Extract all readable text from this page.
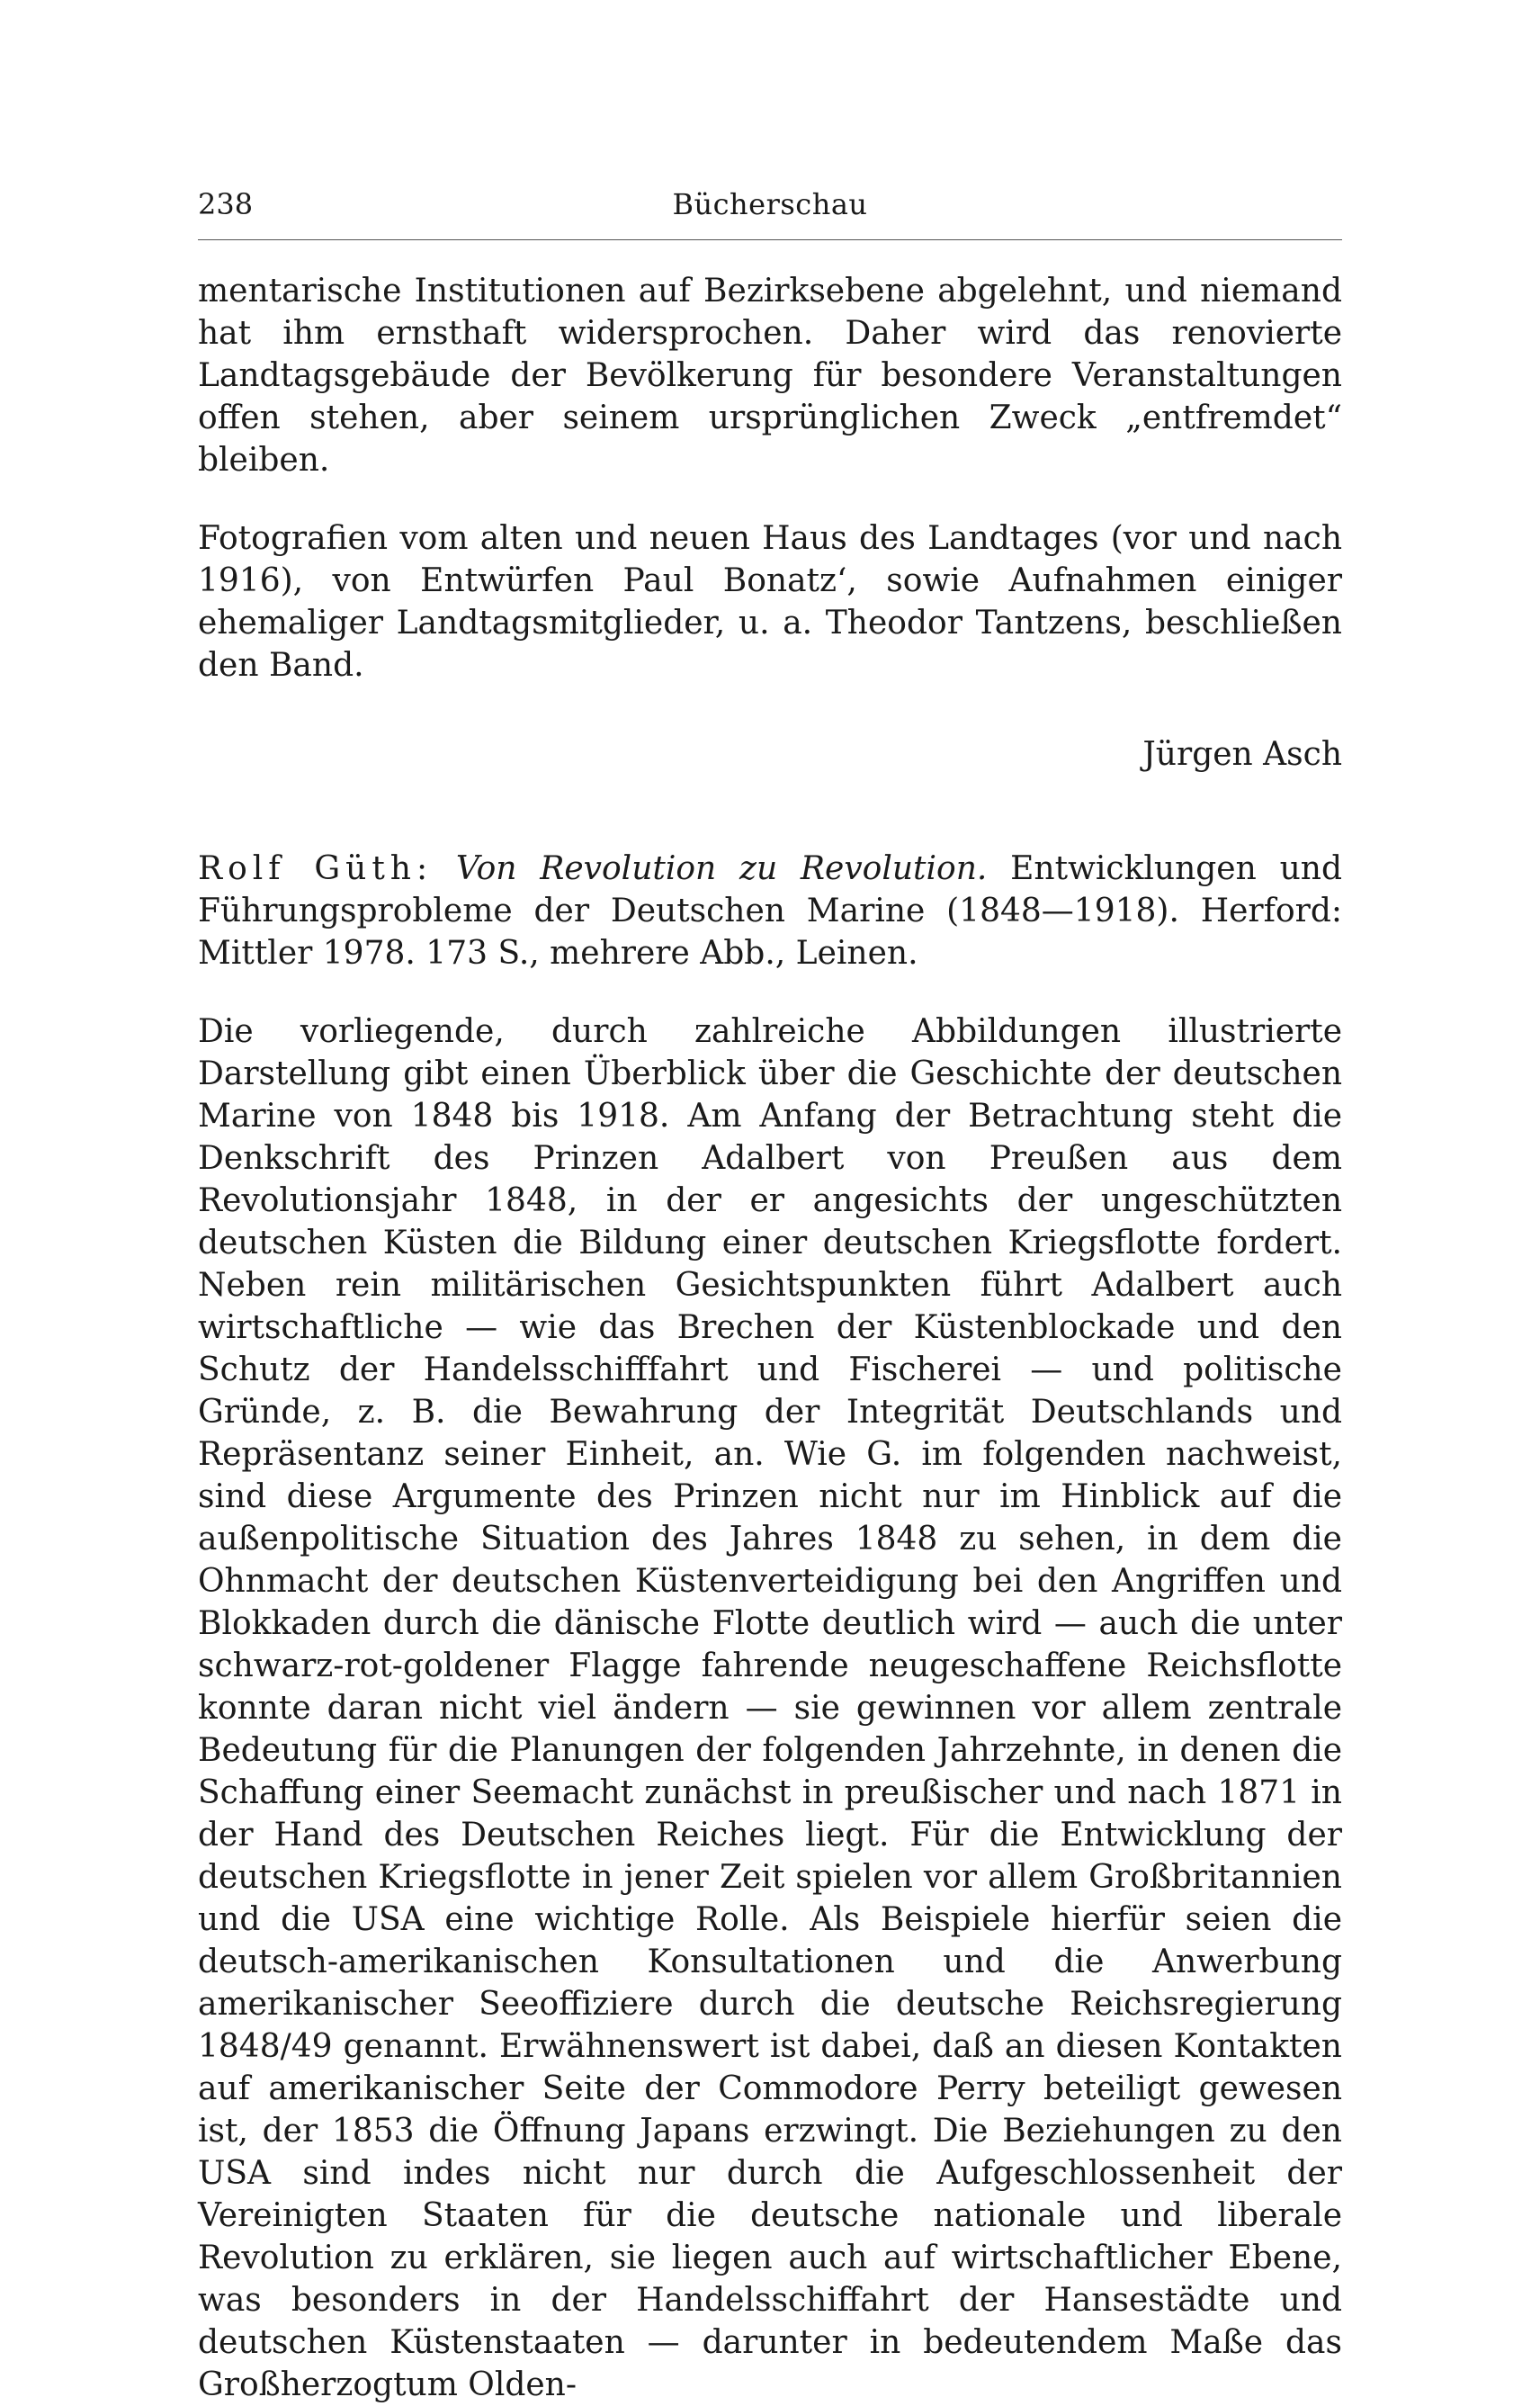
238	Bücherschau

mentarische Institutionen auf Bezirksebene abgelehnt, und niemand hat ihm ernsthaft widersprochen. Daher wird das renovierte Landtagsgebäude der Bevölkerung für besondere Veranstaltungen offen stehen, aber seinem ursprünglichen Zweck „entfremdet“ bleiben.

Fotografien vom alten und neuen Haus des Landtages (vor und nach 1916), von Entwürfen Paul Bonatz‘, sowie Aufnahmen einiger ehemaliger Landtagsmitglieder, u. a. Theodor Tantzens, beschließen den Band.

Jürgen Asch

Rolf Güth: Von Revolution zu Revolution. Entwicklungen und Führungsprobleme der Deutschen Marine (1848—1918). Herford: Mittler 1978. 173 S., mehrere Abb., Leinen.

Die vorliegende, durch zahlreiche Abbildungen illustrierte Darstellung gibt einen Überblick über die Geschichte der deutschen Marine von 1848 bis 1918. Am Anfang der Betrachtung steht die Denkschrift des Prinzen Adalbert von Preußen aus dem Revolutionsjahr 1848, in der er angesichts der ungeschützten deutschen Küsten die Bildung einer deutschen Kriegsflotte fordert. Neben rein militärischen Gesichtspunkten führt Adalbert auch wirtschaftliche — wie das Brechen der Küstenblockade und den Schutz der Handelsschifffahrt und Fischerei — und politische Gründe, z. B. die Bewahrung der Integrität Deutschlands und Repräsentanz seiner Einheit, an. Wie G. im folgenden nachweist, sind diese Argumente des Prinzen nicht nur im Hinblick auf die außenpolitische Situation des Jahres 1848 zu sehen, in dem die Ohnmacht der deutschen Küstenverteidigung bei den Angriffen und Blokkaden durch die dänische Flotte deutlich wird — auch die unter schwarz-rot-goldener Flagge fahrende neugeschaffene Reichsflotte konnte daran nicht viel ändern — sie gewinnen vor allem zentrale Bedeutung für die Planungen der folgenden Jahrzehnte, in denen die Schaffung einer Seemacht zunächst in preußischer und nach 1871 in der Hand des Deutschen Reiches liegt. Für die Entwicklung der deutschen Kriegsflotte in jener Zeit spielen vor allem Großbritannien und die USA eine wichtige Rolle. Als Beispiele hierfür seien die deutsch-amerikanischen Konsultationen und die Anwerbung amerikanischer Seeoffiziere durch die deutsche Reichsregierung 1848/49 genannt. Erwähnenswert ist dabei, daß an diesen Kontakten auf amerikanischer Seite der Commodore Perry beteiligt gewesen ist, der 1853 die Öffnung Japans erzwingt. Die Beziehungen zu den USA sind indes nicht nur durch die Aufgeschlossenheit der Vereinigten Staaten für die deutsche nationale und liberale Revolution zu erklären, sie liegen auch auf wirtschaftlicher Ebene, was besonders in der Handelsschiffahrt der Hansestädte und deutschen Küstenstaaten — darunter in bedeutendem Maße das Großherzogtum Olden-
